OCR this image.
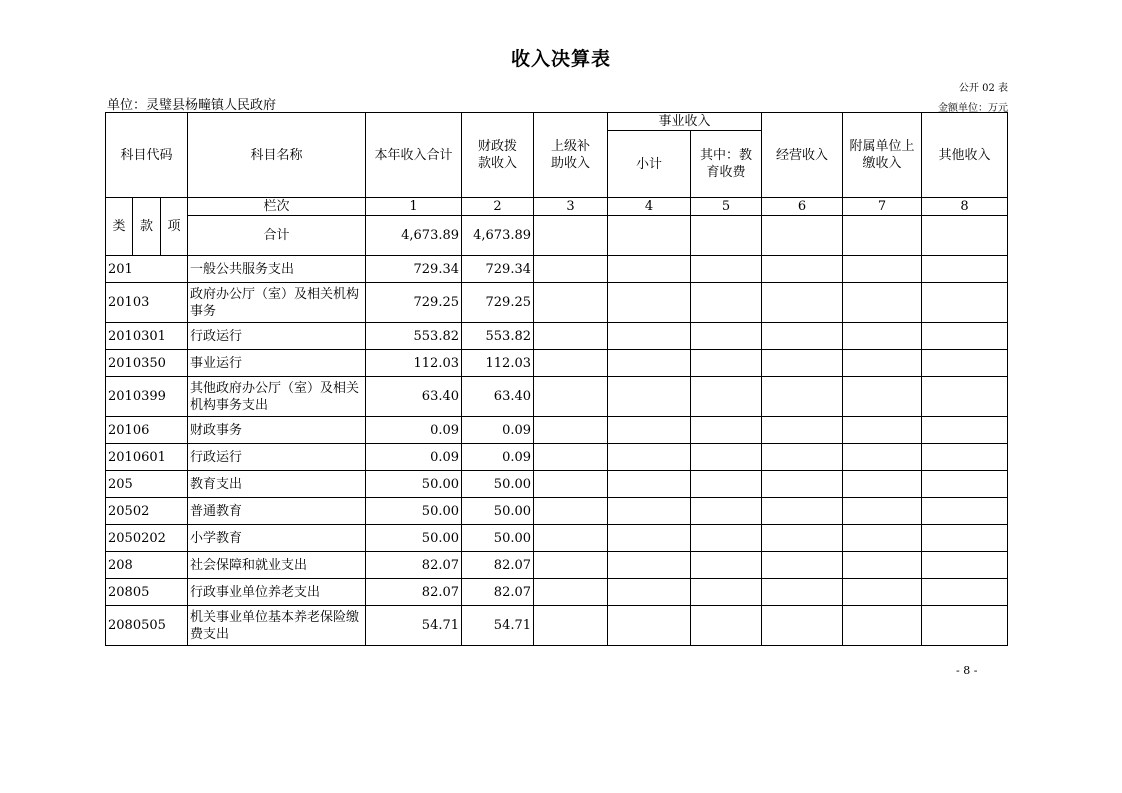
收入决算表
公开 02 表
单位：灵璧县杨疃镇人民政府	金额单位：万元
科目代码			科目名称	本年收入合计	财政拨款收入	上级补助收入	事业收入		经营收入	附属单位上缴收入	其他收入
							小计	其中：教育收费			
类	款	项	栏次	1	2	3	4	5	6	7	8
			合计	4,673.89	4,673.89						
201			一般公共服务支出	729.34	729.34						
20103			政府办公厅（室）及相关机构事务	729.25	729.25						
2010301			行政运行	553.82	553.82						
2010350			事业运行	112.03	112.03						
2010399			其他政府办公厅（室）及相关机构事务支出	63.40	63.40						
20106			财政事务	0.09	0.09						
2010601			行政运行	0.09	0.09						
205			教育支出	50.00	50.00						
20502			普通教育	50.00	50.00						
2050202			小学教育	50.00	50.00						
208			社会保障和就业支出	82.07	82.07						
20805			行政事业单位养老支出	82.07	82.07						
2080505			机关事业单位基本养老保险缴费支出	54.71	54.71						
- 8 -
